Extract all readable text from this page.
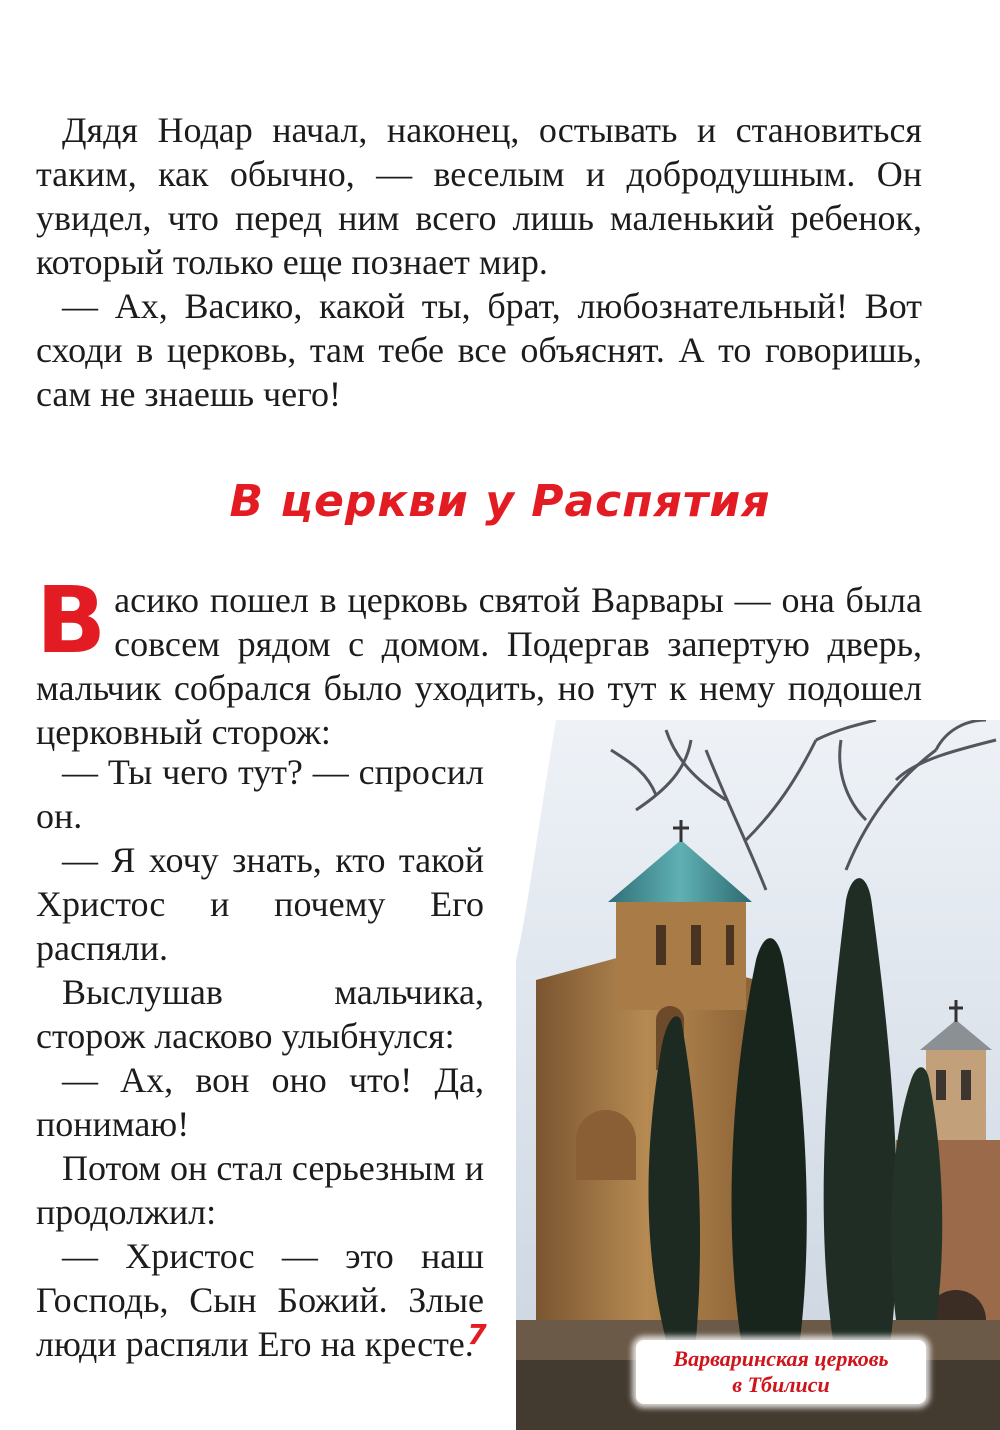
Дядя Нодар начал, наконец, остывать и становиться таким, как обычно, — веселым и добродушным. Он увидел, что перед ним всего лишь маленький ребенок, который только еще познает мир.
— Ах, Васико, какой ты, брат, любознательный! Вот сходи в церковь, там тебе все объяснят. А то говоришь, сам не знаешь чего!
В церкви у Распятия
В асико пошел в церковь святой Варвары — она была совсем рядом с домом. Подергав запертую дверь, мальчик собрался было уходить, но тут к нему подошел церковный сторож:
— Ты чего тут? — спросил он.
— Я хочу знать, кто такой Христос и почему Его распяли.
Выслушав мальчика, сторож ласково улыбнулся:
— Ах, вон оно что! Да, понимаю!
Потом он стал серьезным и продолжил:
— Христос — это наш Господь, Сын Божий. Злые люди распяли Его на кресте.	Варваринская церковь
в Тбилиси
7
